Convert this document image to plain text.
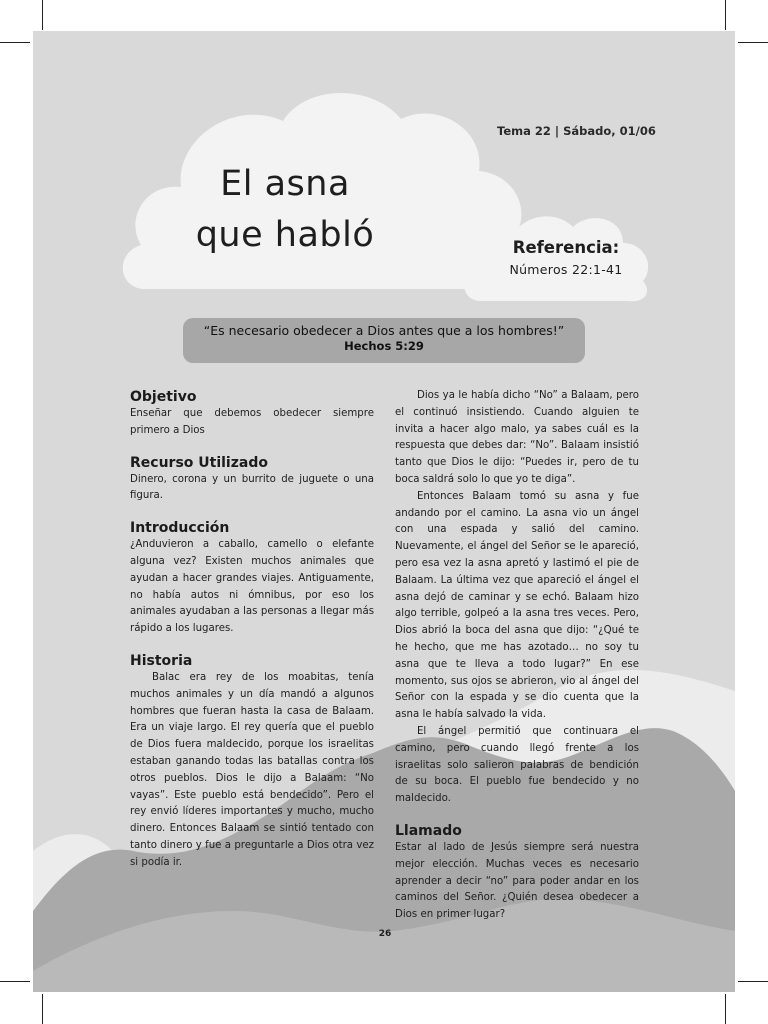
Tema 22 | Sábado, 01/06
El asna
que habló	Referencia:
Números 22:1-41
“Es necesario obedecer a Dios antes que a los hombres!”
Hechos 5:29
Objetivo

Enseñar que debemos obedecer siempre primero a Dios

Recurso Utilizado

Dinero, corona y un burrito de juguete o una figura.

Introducción

¿Anduvieron a caballo, camello o elefante alguna vez? Existen muchos animales que ayudan a hacer grandes viajes. Antiguamente, no había autos ni ómnibus, por eso los animales ayudaban a las personas a llegar más rápido a los lugares.

Historia

Balac era rey de los moabitas, tenía muchos animales y un día mandó a algunos hombres que fueran hasta la casa de Balaam. Era un viaje largo. El rey quería que el pueblo de Dios fuera maldecido, porque los israelitas estaban ganando todas las batallas contra los otros pueblos. Dios le dijo a Balaam: “No vayas”. Este pueblo está bendecido”. Pero el rey envió líderes importantes y mucho, mucho dinero. Entonces Balaam se sintió tentado con tanto dinero y fue a preguntarle a Dios otra vez si podía ir.

Dios ya le había dicho “No” a Balaam, pero el continuó insistiendo. Cuando alguien te invita a hacer algo malo, ya sabes cuál es la respuesta que debes dar: “No”. Balaam insistió tanto que Dios le dijo: “Puedes ir, pero de tu boca saldrá solo lo que yo te diga”.

Entonces Balaam tomó su asna y fue andando por el camino. La asna vio un ángel con una espada y salió del camino. Nuevamente, el ángel del Señor se le apareció, pero esa vez la asna apretó y lastimó el pie de Balaam. La última vez que apareció el ángel el asna dejó de caminar y se echó. Balaam hizo algo terrible, golpeó a la asna tres veces. Pero, Dios abrió la boca del asna que dijo: “¿Qué te he hecho, que me has azotado… no soy tu asna que te lleva a todo lugar?” En ese momento, sus ojos se abrieron, vio al ángel del Señor con la espada y se dio cuenta que la asna le había salvado la vida.

El ángel permitió que continuara el camino, pero cuando llegó frente a los israelitas solo salieron palabras de bendición de su boca. El pueblo fue bendecido y no maldecido.

Llamado

Estar al lado de Jesús siempre será nuestra mejor elección. Muchas veces es necesario aprender a decir “no” para poder andar en los caminos del Señor. ¿Quién desea obedecer a Dios en primer lugar?

26
